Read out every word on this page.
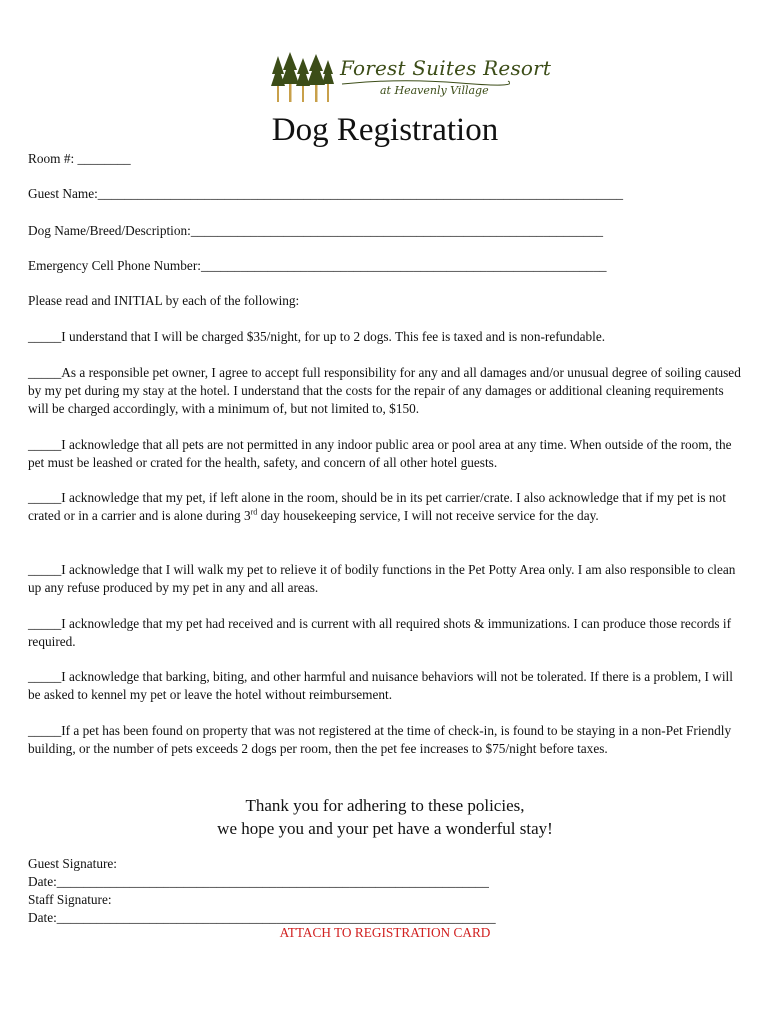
Forest Suites Resort
at Heavenly Village
Dog Registration
Room #: ________
Guest Name:_______________________________________________________________________________
Dog Name/Breed/Description:______________________________________________________________
Emergency Cell Phone Number:_____________________________________________________________
Please read and INITIAL by each of the following:

_____I understand that I will be charged $35/night, for up to 2 dogs. This fee is taxed and is non-refundable.

_____As a responsible pet owner, I agree to accept full responsibility for any and all damages and/or unusual degree of soiling caused by my pet during my stay at the hotel. I understand that the costs for the repair of any damages or additional cleaning requirements will be charged accordingly, with a minimum of, but not limited to, $150.

_____I acknowledge that all pets are not permitted in any indoor public area or pool area at any time. When outside of the room, the pet must be leashed or crated for the health, safety, and concern of all other hotel guests.

_____I acknowledge that my pet, if left alone in the room, should be in its pet carrier/crate. I also acknowledge that if my pet is not crated or in a carrier and is alone during 3rd day housekeeping service, I will not receive service for the day.

_____I acknowledge that I will walk my pet to relieve it of bodily functions in the Pet Potty Area only. I am also responsible to clean up any refuse produced by my pet in any and all areas.

_____I acknowledge that my pet had received and is current with all required shots & immunizations. I can produce those records if required.

_____I acknowledge that barking, biting, and other harmful and nuisance behaviors will not be tolerated. If there is a problem, I will be asked to kennel my pet or leave the hotel without reimbursement.

_____If a pet has been found on property that was not registered at the time of check-in, is found to be staying in a non-Pet Friendly building, or the number of pets exceeds 2 dogs per room, then the pet fee increases to $75/night before taxes.

Thank you for adhering to these policies,
we hope you and your pet have a wonderful stay!
Guest Signature:
Date:_________________________________________________________________
Staff Signature:
Date:__________________________________________________________________
ATTACH TO REGISTRATION CARD
